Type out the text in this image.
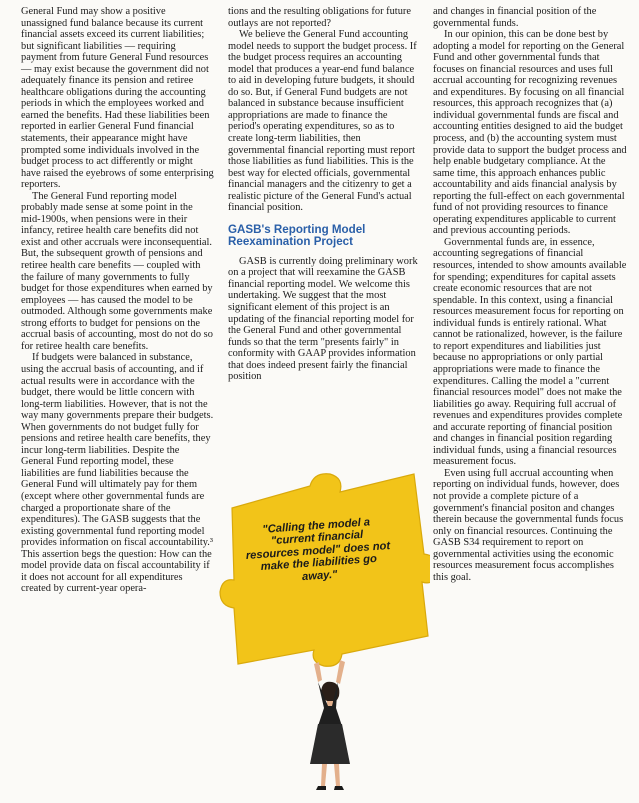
General Fund may show a positive unassigned fund balance because its current financial assets exceed its current liabilities; but significant liabilities — requiring payment from future General Fund resources — may exist because the government did not adequately finance its pension and retiree healthcare obligations during the accounting periods in which the employees worked and earned the benefits. Had these liabilities been reported in earlier General Fund financial statements, their appearance might have prompted some individuals involved in the budget process to act differently or might have raised the eyebrows of some enterprising reporters.

The General Fund reporting model probably made sense at some point in the mid-1900s, when pensions were in their infancy, retiree health care benefits did not exist and other accruals were inconsequential. But, the subsequent growth of pensions and retiree health care benefits — coupled with the failure of many governments to fully budget for those expenditures when earned by employees — has caused the model to be outmoded. Although some governments make strong efforts to budget for pensions on the accrual basis of accounting, most do not do so for retiree health care benefits.

If budgets were balanced in substance, using the accrual basis of accounting, and if actual results were in accordance with the budget, there would be little concern with long-term liabilities. However, that is not the way many governments prepare their budgets. When governments do not budget fully for pensions and retiree health care benefits, they incur long-term liabilities. Despite the General Fund reporting model, these liabilities are fund liabilities because the General Fund will ultimately pay for them (except where other governmental funds are charged a proportionate share of the expenditures). The GASB suggests that the existing governmental fund reporting model provides information on fiscal accountability.³ This assertion begs the question: How can the model provide data on fiscal accountability if it does not account for all expenditures created by current-year opera-

tions and the resulting obligations for future outlays are not reported?

We believe the General Fund accounting model needs to support the budget process. If the budget process requires an accounting model that produces a year-end fund balance to aid in developing future budgets, it should do so. But, if General Fund budgets are not balanced in substance because insufficient appropriations are made to finance the period's operating expenditures, so as to create long-term liabilities, then governmental financial reporting must report those liabilities as fund liabilities. This is the best way for elected officials, governmental financial managers and the citizenry to get a realistic picture of the General Fund's actual financial position.

GASB's Reporting Model
Reexamination Project

GASB is currently doing preliminary work on a project that will reexamine the GASB financial reporting model. We welcome this undertaking. We suggest that the most significant element of this project is an updating of the financial reporting model for the General Fund and other governmental funds so that the term "presents fairly" in conformity with GAAP provides information that does indeed present fairly the financial position

"Calling the model a "current financial resources model" does not make the liabilities go away."

and changes in financial position of the governmental funds.

In our opinion, this can be done best by adopting a model for reporting on the General Fund and other governmental funds that focuses on financial resources and uses full accrual accounting for recognizing revenues and expenditures. By focusing on all financial resources, this approach recognizes that (a) individual governmental funds are fiscal and accounting entities designed to aid the budget process, and (b) the accounting system must provide data to support the budget process and help enable budgetary compliance. At the same time, this approach enhances public accountability and aids financial analysis by reporting the full-effect on each governmental fund of not providing resources to finance operating expenditures applicable to current and previous accounting periods.

Governmental funds are, in essence, accounting segregations of financial resources, intended to show amounts available for spending; expenditures for capital assets create economic resources that are not spendable. In this context, using a financial resources measurement focus for reporting on individual funds is entirely rational. What cannot be rationalized, however, is the failure to report expenditures and liabilities just because no appropriations or only partial appropriations were made to finance the expenditures. Calling the model a "current financial resources model" does not make the liabilities go away. Requiring full accrual of revenues and expenditures provides complete and accurate reporting of financial position and changes in financial position regarding individual funds, using a financial resources measurement focus.

Even using full accrual accounting when reporting on individual funds, however, does not provide a complete picture of a government's financial positon and changes therein because the governmental funds focus only on financial resources. Continuing the GASB S34 requirement to report on governmental activities using the economic resources measurement focus accomplishes this goal.
